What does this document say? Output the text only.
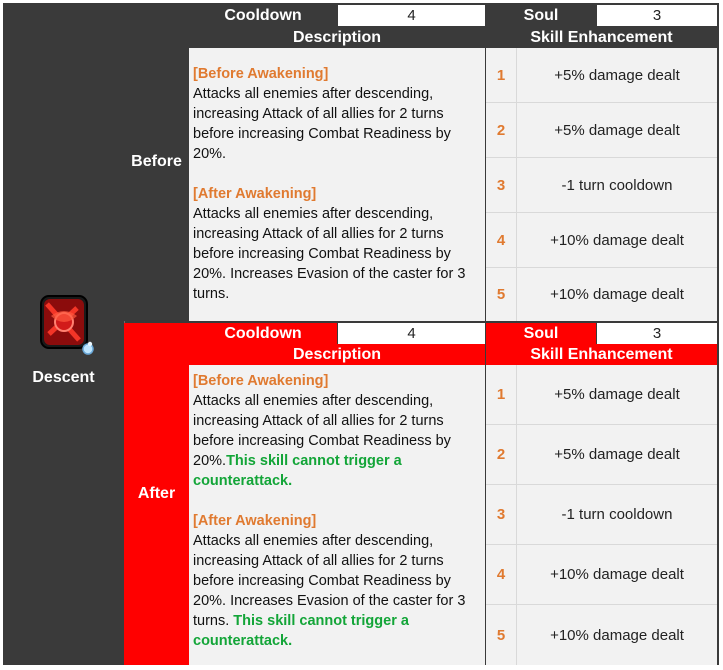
Descent
Before
Cooldown	4	Soul	3
Description	Skill Enhancement

[Before Awakening]

Attacks all enemies after descending, increasing Attack of all allies for 2 turns before increasing Combat Readiness by 20%.

[After Awakening]

Attacks all enemies after descending, increasing Attack of all allies for 2 turns before increasing Combat Readiness by 20%. Increases Evasion of the caster for 3 turns.

1	+5% damage dealt
2	+5% damage dealt
3	-1 turn cooldown
4	+10% damage dealt
5	+10% damage dealt
After
Cooldown	4	Soul	3
Description	Skill Enhancement

[Before Awakening]

Attacks all enemies after descending, increasing Attack of all allies for 2 turns before increasing Combat Readiness by 20%.This skill cannot trigger a counterattack.

[After Awakening]

Attacks all enemies after descending, increasing Attack of all allies for 2 turns before increasing Combat Readiness by 20%. Increases Evasion of the caster for 3 turns. This skill cannot trigger a counterattack.

1	+5% damage dealt
2	+5% damage dealt
3	-1 turn cooldown
4	+10% damage dealt
5	+10% damage dealt
